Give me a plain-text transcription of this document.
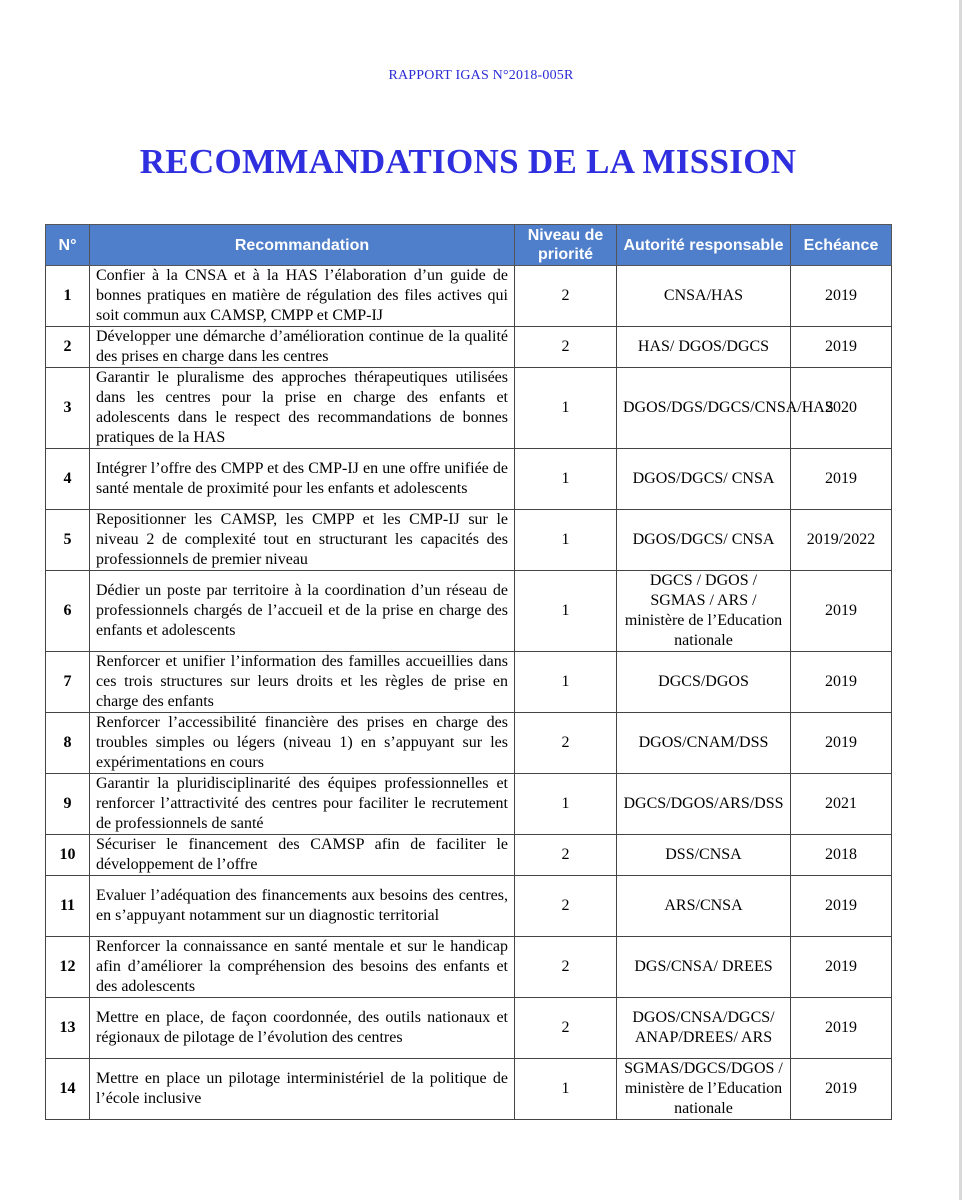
RAPPORT IGAS N°2018-005R
RECOMMANDATIONS DE LA MISSION
N°	Recommandation	Niveau de priorité	Autorité responsable	Echéance
1	Confier à la CNSA et à la HAS l’élaboration d’un guide de bonnes pratiques en matière de régulation des files actives qui soit commun aux CAMSP, CMPP et CMP-IJ	2	CNSA/HAS	2019
2	Développer une démarche d’amélioration continue de la qualité des prises en charge dans les centres	2	HAS/ DGOS/DGCS	2019
3	Garantir le pluralisme des approches thérapeutiques utilisées dans les centres pour la prise en charge des enfants et adolescents dans le respect des recommandations de bonnes pratiques de la HAS	1	DGOS/DGS/DGCS/CNSA/HAS	2020
4	Intégrer l’offre des CMPP et des CMP-IJ en une offre unifiée de santé mentale de proximité pour les enfants et adolescents	1	DGOS/DGCS/ CNSA	2019
5	Repositionner les CAMSP, les CMPP et les CMP-IJ sur le niveau 2 de complexité tout en structurant les capacités des professionnels de premier niveau	1	DGOS/DGCS/ CNSA	2019/2022
6	Dédier un poste par territoire à la coordination d’un réseau de professionnels chargés de l’accueil et de la prise en charge des enfants et adolescents	1	DGCS / DGOS / SGMAS / ARS / ministère de l’Education nationale	2019
7	Renforcer et unifier l’information des familles accueillies dans ces trois structures sur leurs droits et les règles de prise en charge des enfants	1	DGCS/DGOS	2019
8	Renforcer l’accessibilité financière des prises en charge des troubles simples ou légers (niveau 1) en s’appuyant sur les expérimentations en cours	2	DGOS/CNAM/DSS	2019
9	Garantir la pluridisciplinarité des équipes professionnelles et renforcer l’attractivité des centres pour faciliter le recrutement de professionnels de santé	1	DGCS/DGOS/ARS/DSS	2021
10	Sécuriser le financement des CAMSP afin de faciliter le développement de l’offre	2	DSS/CNSA	2018
11	Evaluer l’adéquation des financements aux besoins des centres, en s’appuyant notamment sur un diagnostic territorial	2	ARS/CNSA	2019
12	Renforcer la connaissance en santé mentale et sur le handicap afin d’améliorer la compréhension des besoins des enfants et des adolescents	2	DGS/CNSA/ DREES	2019
13	Mettre en place, de façon coordonnée, des outils nationaux et régionaux de pilotage de l’évolution des centres	2	DGOS/CNSA/DGCS/ ANAP/DREES/ ARS	2019
14	Mettre en place un pilotage interministériel de la politique de l’école inclusive	1	SGMAS/DGCS/DGOS / ministère de l’Education nationale	2019
